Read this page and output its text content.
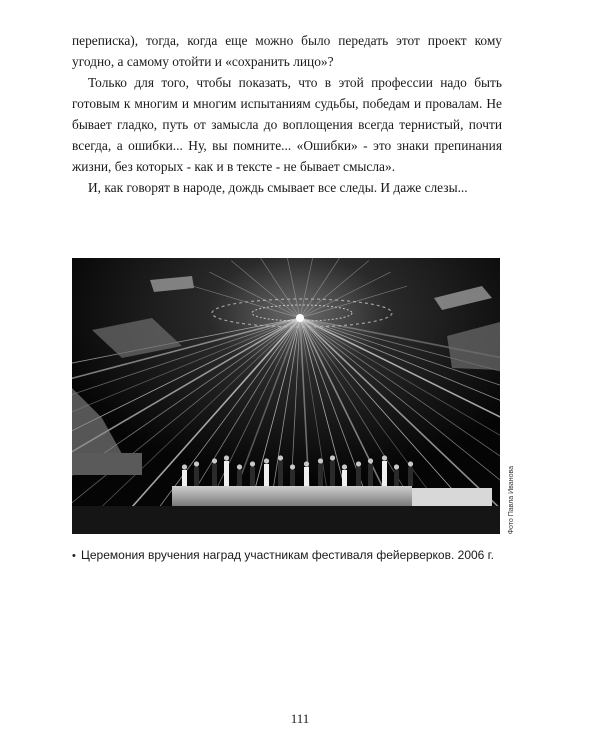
переписка), тогда, когда еще можно было передать этот проект кому угодно, а самому отойти и «сохранить лицо»?

Только для того, чтобы показать, что в этой профессии надо быть готовым к многим и многим испытаниям судьбы, победам и провалам. Не бывает гладко, путь от замысла до воплощения всегда тернистый, почти всегда, а ошибки... Ну, вы помните... «Ошибки» - это знаки препинания жизни, без которых - как и в тексте - не бывает смысла».

И, как говорят в народе, дождь смывает все следы. И даже слезы...

Фото Павла Иванова
• Церемония вручения наград участникам фестиваля фейерверков. 2006 г.
111
